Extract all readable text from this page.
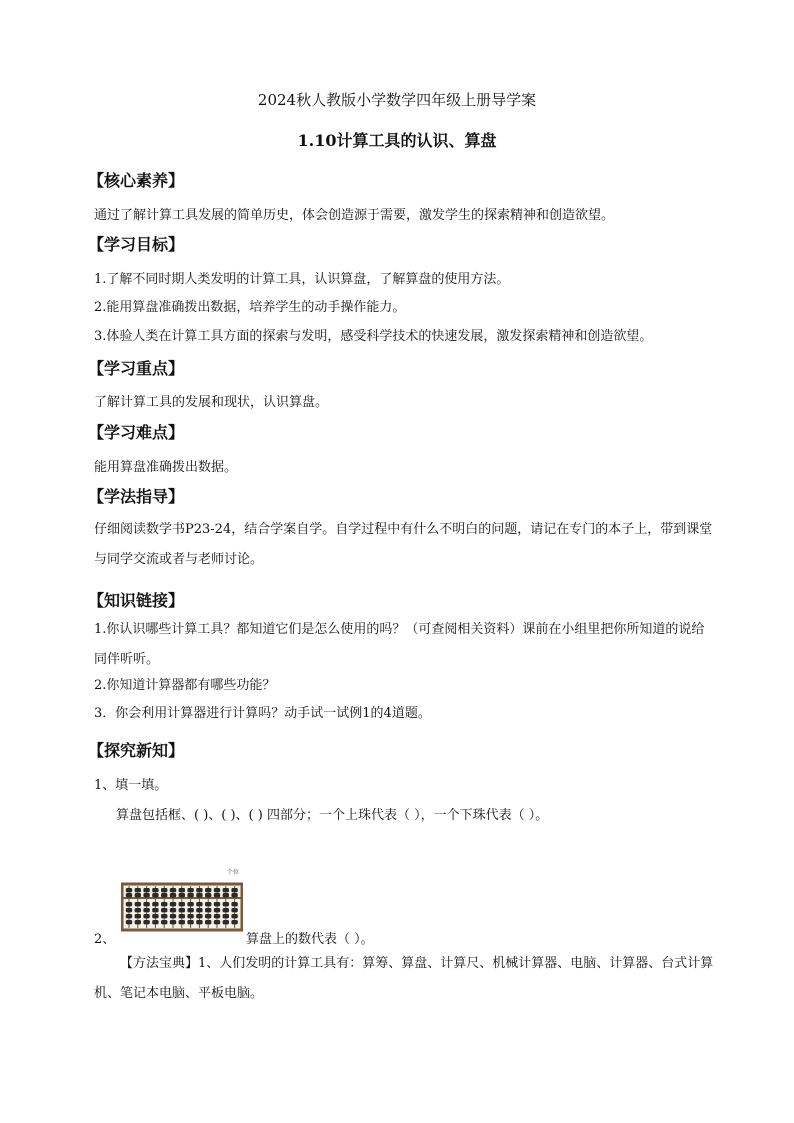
2024秋人教版小学数学四年级上册导学案
1.10计算工具的认识、算盘
【核心素养】
通过了解计算工具发展的简单历史，体会创造源于需要，激发学生的探索精神和创造欲望。
【学习目标】
1.了解不同时期人类发明的计算工具，认识算盘，了解算盘的使用方法。
2.能用算盘准确拨出数据，培养学生的动手操作能力。
3.体验人类在计算工具方面的探索与发明，感受科学技术的快速发展，激发探索精神和创造欲望。
【学习重点】
了解计算工具的发展和现状，认识算盘。
【学习难点】
能用算盘准确拨出数据。
【学法指导】
仔细阅读数学书P23-24，结合学案自学。自学过程中有什么不明白的问题，请记在专门的本子上，带到课堂与同学交流或者与老师讨论。
【知识链接】
1.你认识哪些计算工具？都知道它们是怎么使用的吗？（可查阅相关资料）课前在小组里把你所知道的说给同伴听听。
2.你知道计算器都有哪些功能？
3．你会利用计算器进行计算吗？动手试一试例1的4道题。
【探究新知】
1、填一填。
算盘包括框、( )、( )、( ) 四部分；一个上珠代表（ ），一个下珠代表（ ）。
2、
个位
算盘上的数代表（ ）。
【方法宝典】1、人们发明的计算工具有：算筹、算盘、计算尺、机械计算器、电脑、计算器、台式计算机、笔记本电脑、平板电脑。
